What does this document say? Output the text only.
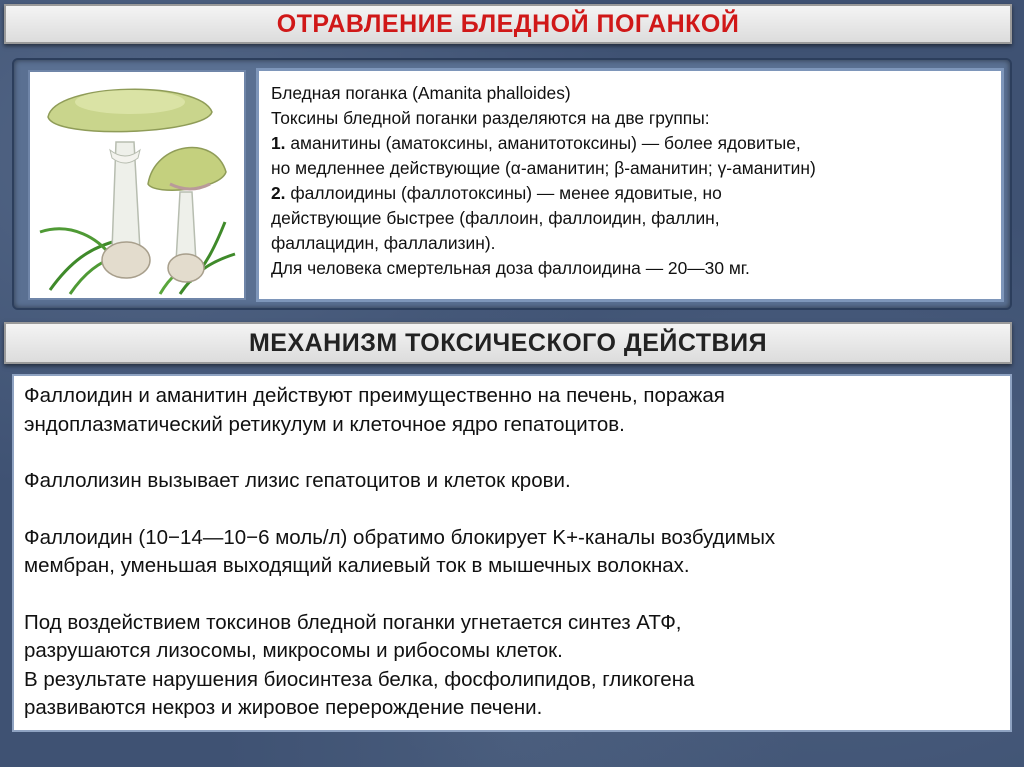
ОТРАВЛЕНИЕ БЛЕДНОЙ ПОГАНКОЙ

Бледная поганка (Amanita phalloides)

Токсины бледной поганки разделяются на две группы:

1. аманитины (аматоксины, аманитотоксины) — более ядовитые,

но медленнее действующие (α-аманитин; β-аманитин; γ-аманитин)

2. фаллоидины (фаллотоксины) — менее ядовитые, но

действующие быстрее (фаллоин, фаллоидин, фаллин,

фаллацидин, фаллализин).

Для человека смертельная доза фаллоидина — 20—30 мг.

МЕХАНИЗМ ТОКСИЧЕСКОГО ДЕЙСТВИЯ

Фаллоидин и аманитин действуют преимущественно на печень, поражая

эндоплазматический ретикулум и клеточное ядро гепатоцитов.

Фаллолизин вызывает лизис гепатоцитов и клеток крови.

Фаллоидин (10−14—10−6 моль/л) обратимо блокирует K+-каналы возбудимых

мембран, уменьшая выходящий калиевый ток в мышечных волокнах.

Под воздействием токсинов бледной поганки угнетается синтез АТФ,

разрушаются лизосомы, микросомы и рибосомы клеток.

В результате нарушения биосинтеза белка, фосфолипидов, гликогена

развиваются некроз и жировое перерождение печени.
